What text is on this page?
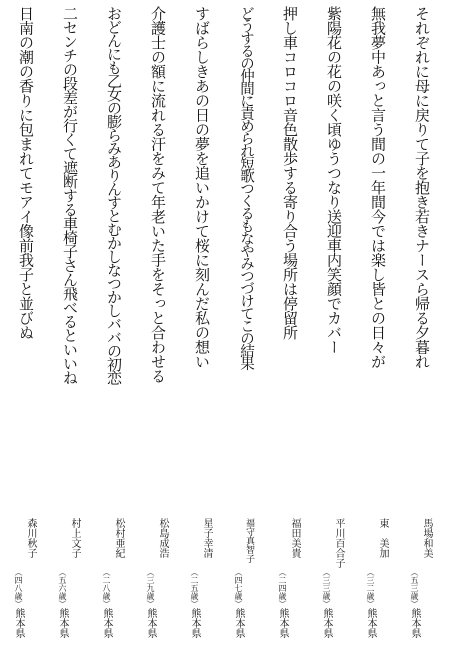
それぞれに母に戻りて子を抱き若きナースら帰る夕暮れ
馬場和美
（五三歳）
熊本県
無我夢中あっと言う間の一年間今では楽し皆との日々が
東　美加
（三二歳）
熊本県
紫陽花の花の咲く頃ゆうつなり送迎車内笑顔でカバー
平川百合子
（三三歳）
熊本県
押し車コロコロ音色散歩する寄り合う場所は停留所
福田美貴
（二四歳）
熊本県
どうするの仲間に責められ短歌つくるもなやみつづけてこの結果
福守真智子
（四七歳）
熊本県
すばらしきあの日の夢を追いかけて桜に刻んだ私の想い
星子幸清
（二五歳）
熊本県
介護士の額に流れる汗をみて年老いた手をそっと合わせる
松島成浩
（三九歳）
熊本県
おどんにも乙女の膨らみありんすとむかしなつかしババの初恋
松村亜紀
（二八歳）
熊本県
二センチの段差が行くて遮断する車椅子さん飛べるといいね
村上文子
（五六歳）
熊本県
日南の潮の香りに包まれてモアイ像前我子と並びぬ
森川秋子
（四八歳）
熊本県
